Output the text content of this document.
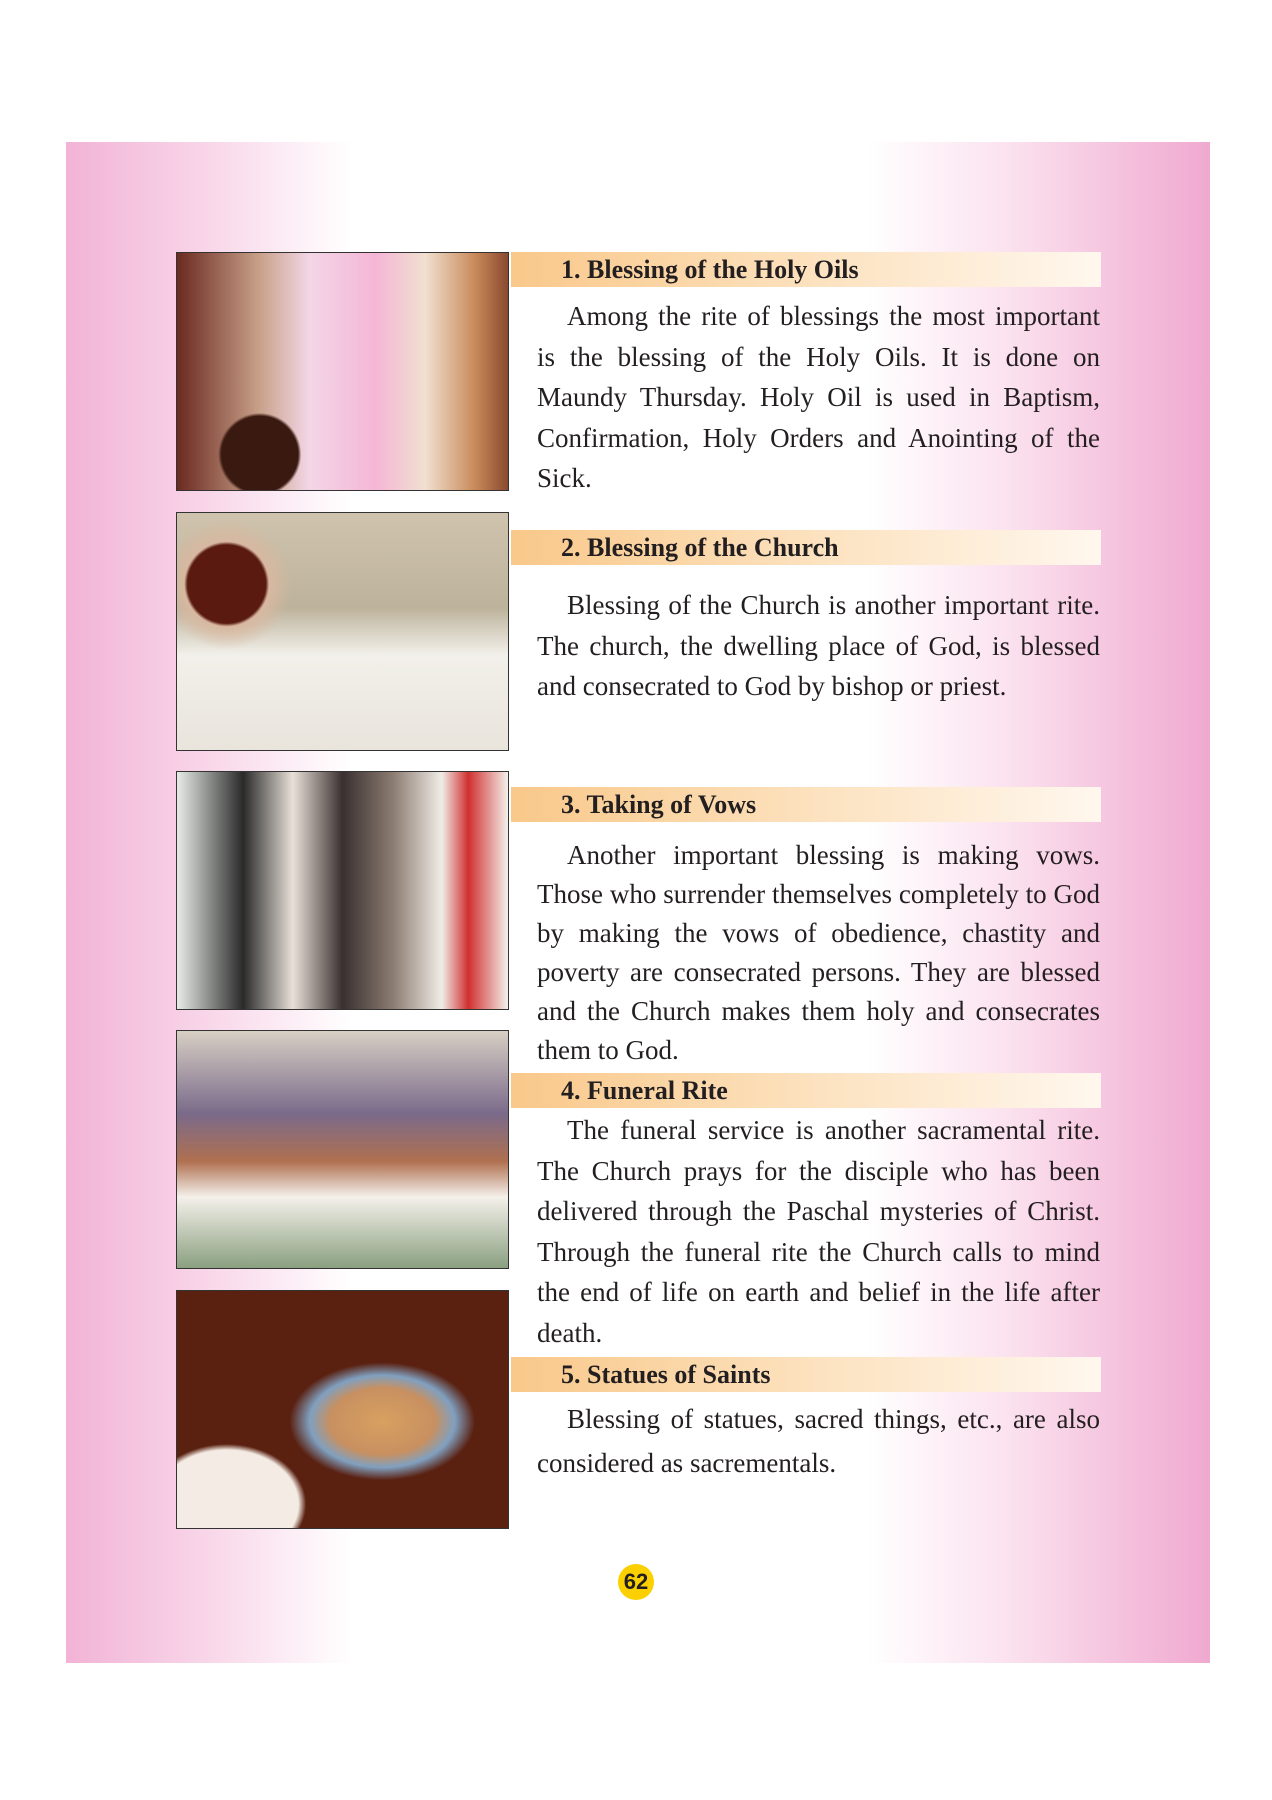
1. Blessing of the Holy Oils
Among the rite of blessings the most important is the blessing of the Holy Oils. It is done on Maundy Thursday. Holy Oil is used in Baptism, Confirmation, Holy Orders and Anointing of the Sick.
2. Blessing of the Church
Blessing of the Church is another important rite. The church, the dwelling place of God, is blessed and consecrated to God by bishop or priest.
3. Taking of Vows
Another important blessing is making vows. Those who surrender themselves completely to God by making the vows of obedience, chastity and poverty are consecrated persons. They are blessed and the Church makes them holy and consecrates them to God.
4. Funeral Rite
The funeral service is another sacramental rite. The Church prays for the disciple who has been delivered through the Paschal mysteries of Christ. Through the funeral rite the Church calls to mind the end of life on earth and belief in the life after death.
5. Statues of Saints
Blessing of statues, sacred things, etc., are also considered as sacrementals.
62
